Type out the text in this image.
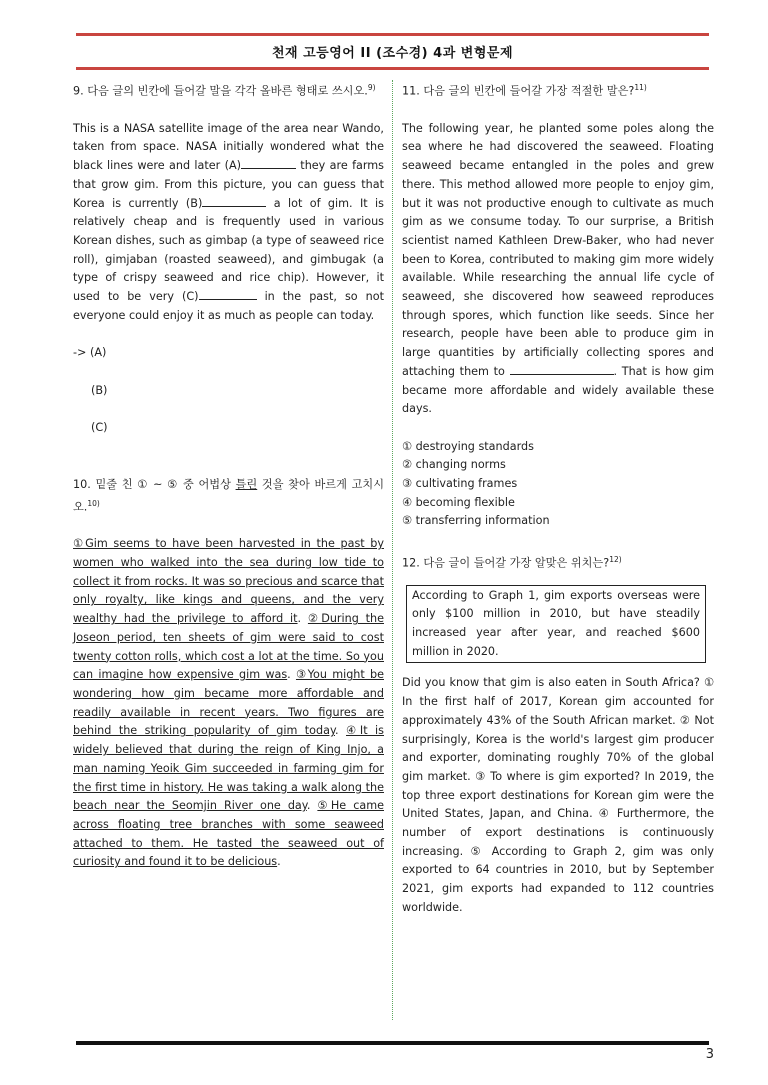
천재 고등영어 II (조수경) 4과 변형문제

9. 다음 글의 빈칸에 들어갈 말을 각각 올바른 형태로 쓰시오.$^{9)}$

This is a NASA satellite image of the area near Wando, taken from space. NASA initially wondered what the black lines were and later (A)	they are farms that grow gim. From this picture, you can guess that Korea is currently (B)	a lot of gim. It is relatively cheap and is frequently used in various Korean dishes, such as gimbap (a type of seaweed rice roll), gimjaban (roasted seaweed), and gimbugak (a type of crispy seaweed and rice chip). However, it used to be very (C)	in the past, so not everyone could enjoy it as much as people can today.

-> (A)

(B)

(C)

10. 밑줄 친 ① ~ ⑤ 중 어법상 틀린 것을 찾아 바르게 고치시오.$^{10)}$

①Gim seems to have been harvested in the past by women who walked into the sea during low tide to collect it from rocks. It was so precious and scarce that only royalty, like kings and queens, and the very wealthy had the privilege to afford it. ②During the Joseon period, ten sheets of gim were said to cost twenty cotton rolls, which cost a lot at the time. So you can imagine how expensive gim was. ③You might be wondering how gim became more affordable and readily available in recent years. Two figures are behind the striking popularity of gim today. ④It is widely believed that during the reign of King Injo, a man naming Yeoik Gim succeeded in farming gim for the first time in history. He was taking a walk along the beach near the Seomjin River one day. ⑤He came across floating tree branches with some seaweed attached to them. He tasted the seaweed out of curiosity and found it to be delicious.

11. 다음 글의 빈칸에 들어갈 가장 적절한 말은?$^{11)}$

The following year, he planted some poles along the sea where he had discovered the seaweed. Floating seaweed became entangled in the poles and grew there. This method allowed more people to enjoy gim, but it was not productive enough to cultivate as much gim as we consume today. To our surprise, a British scientist named Kathleen Drew-Baker, who had never been to Korea, contributed to making gim more widely available. While researching the annual life cycle of seaweed, she discovered how seaweed reproduces through spores, which function like seeds. Since her research, people have been able to produce gim in large quantities by artificially collecting spores and attaching them to	. That is how gim became more affordable and widely available these days.

① destroying standards

② changing norms

③ cultivating frames

④ becoming flexible

⑤ transferring information

12. 다음 글이 들어갈 가장 알맞은 위치는?$^{12)}$

According to Graph 1, gim exports overseas were only $100 million in 2010, but have steadily increased year after year, and reached $600 million in 2020.

Did you know that gim is also eaten in South Africa? ① In the first half of 2017, Korean gim accounted for approximately 43% of the South African market. ② Not surprisingly, Korea is the world's largest gim producer and exporter, dominating roughly 70% of the global gim market. ③ To where is gim exported? In 2019, the top three export destinations for Korean gim were the United States, Japan, and China. ④ Furthermore, the number of export destinations is continuously increasing. ⑤ According to Graph 2, gim was only exported to 64 countries in 2010, but by September 2021, gim exports had expanded to 112 countries worldwide.

3
